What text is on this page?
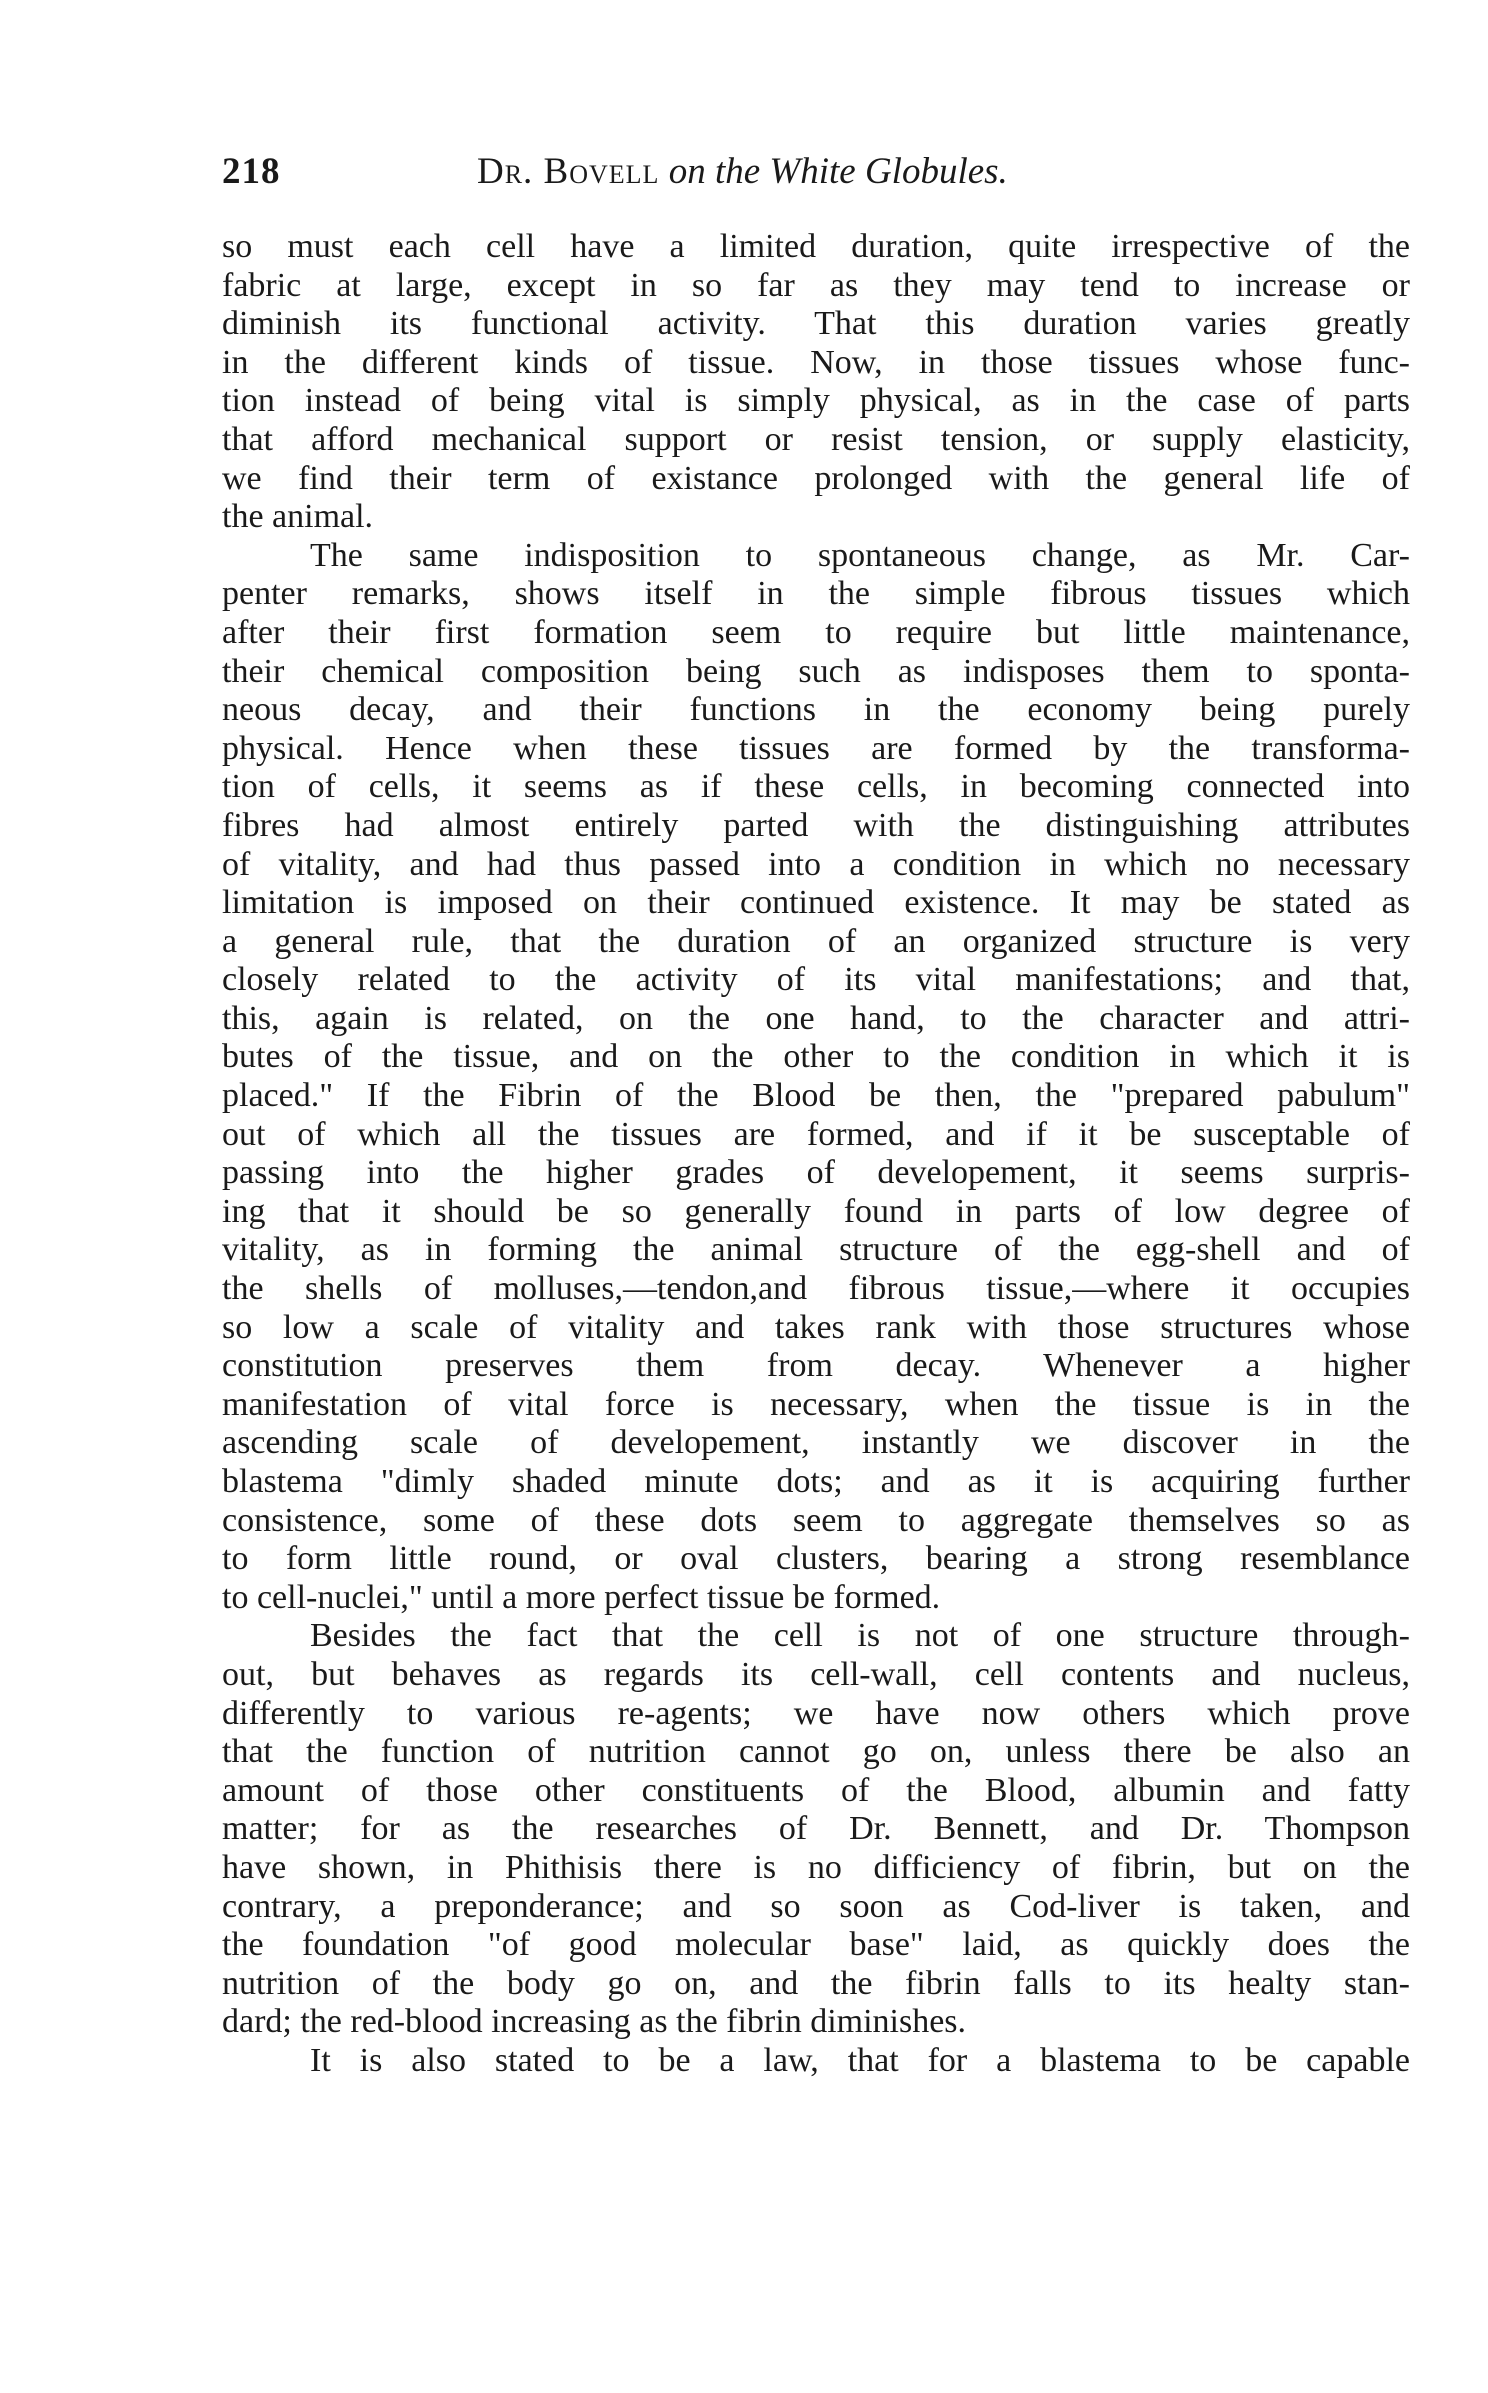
218	Dr. Bovell on the White Globules.
so must each cell have a limited duration, quite irrespective of the
fabric at large, except in so far as they may tend to increase or
diminish its functional activity. That this duration varies greatly
in the different kinds of tissue. Now, in those tissues whose func-
tion instead of being vital is simply physical, as in the case of parts
that afford mechanical support or resist tension, or supply elasticity,
we find their term of existance prolonged with the general life of
the animal.
The same indisposition to spontaneous change, as Mr. Car-
penter remarks, shows itself in the simple fibrous tissues which
after their first formation seem to require but little maintenance,
their chemical composition being such as indisposes them to sponta-
neous decay, and their functions in the economy being purely
physical. Hence when these tissues are formed by the transforma-
tion of cells, it seems as if these cells, in becoming connected into
fibres had almost entirely parted with the distinguishing attributes
of vitality, and had thus passed into a condition in which no necessary
limitation is imposed on their continued existence. It may be stated as
a general rule, that the duration of an organized structure is very
closely related to the activity of its vital manifestations; and that,
this, again is related, on the one hand, to the character and attri-
butes of the tissue, and on the other to the condition in which it is
placed." If the Fibrin of the Blood be then, the "prepared pabulum"
out of which all the tissues are formed, and if it be susceptable of
passing into the higher grades of developement, it seems surpris-
ing that it should be so generally found in parts of low degree of
vitality, as in forming the animal structure of the egg-shell and of
the shells of molluses,—tendon,and fibrous tissue,—where it occupies
so low a scale of vitality and takes rank with those structures whose
constitution preserves them from decay. Whenever a higher
manifestation of vital force is necessary, when the tissue is in the
ascending scale of developement, instantly we discover in the
blastema "dimly shaded minute dots; and as it is acquiring further
consistence, some of these dots seem to aggregate themselves so as
to form little round, or oval clusters, bearing a strong resemblance
to cell-nuclei," until a more perfect tissue be formed.
Besides the fact that the cell is not of one structure through-
out, but behaves as regards its cell-wall, cell contents and nucleus,
differently to various re-agents; we have now others which prove
that the function of nutrition cannot go on, unless there be also an
amount of those other constituents of the Blood, albumin and fatty
matter; for as the researches of Dr. Bennett, and Dr. Thompson
have shown, in Phithisis there is no difficiency of fibrin, but on the
contrary, a preponderance; and so soon as Cod-liver is taken, and
the foundation "of good molecular base" laid, as quickly does the
nutrition of the body go on, and the fibrin falls to its healty stan-
dard; the red-blood increasing as the fibrin diminishes.
It is also stated to be a law, that for a blastema to be capable
